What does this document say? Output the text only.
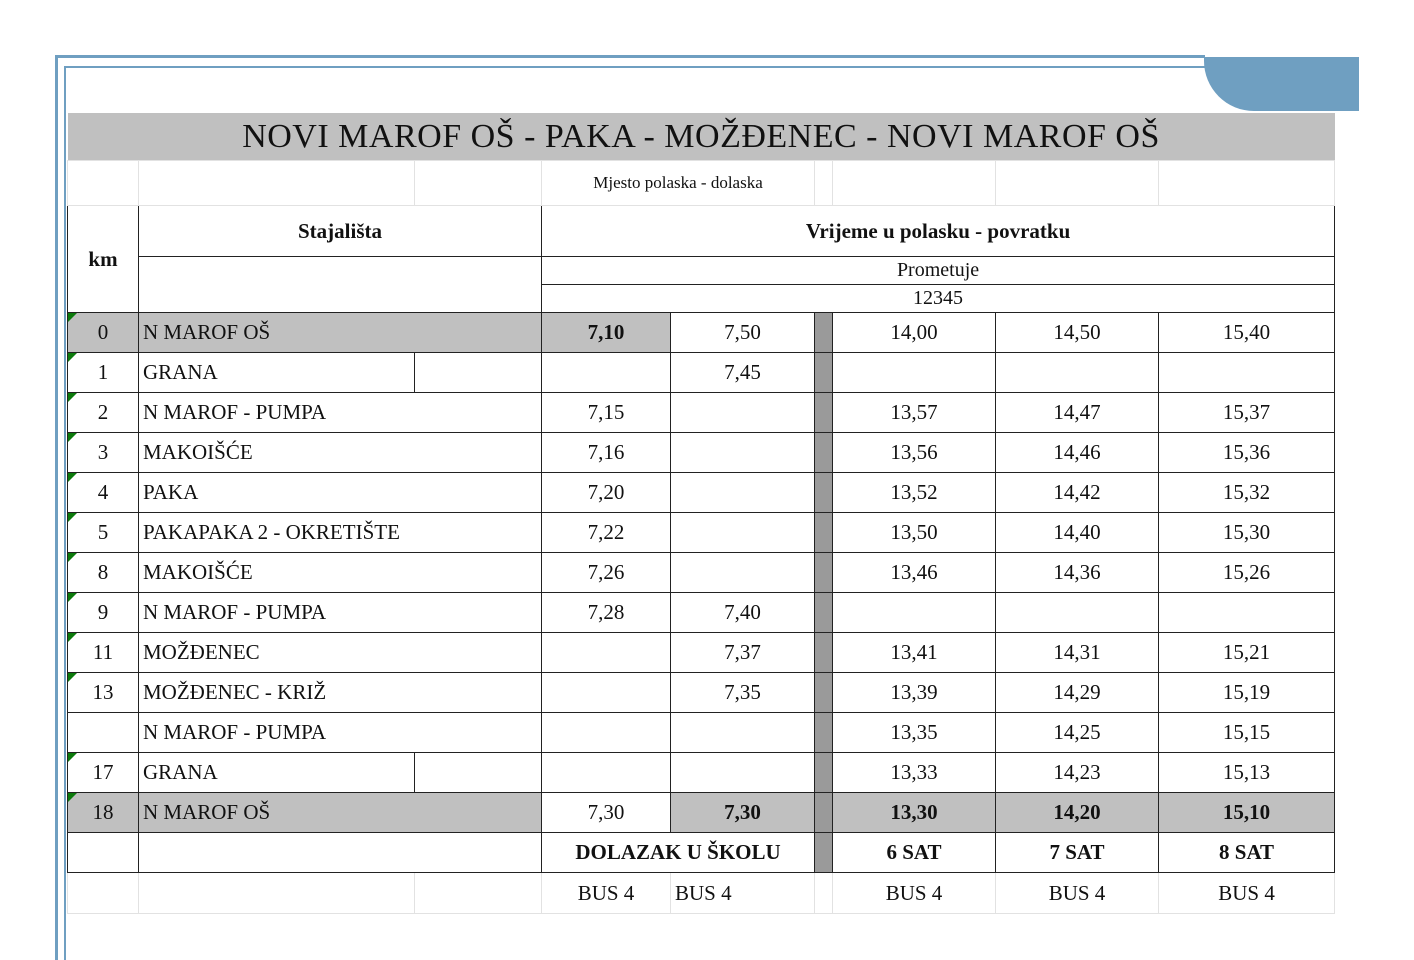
NOVI MAROF OŠ - PAKA - MOŽĐENEC - NOVI MAROF OŠ								
			Mjesto polaska - dolaska					
km	Stajališta		Vrijeme u polasku - povratku					
			Prometuje					
			12345					

0	N MAROF OŠ		7,10	7,50		14,00	14,50	15,40

1	GRANA			7,45				

2	N MAROF - PUMPA		7,15			13,57	14,47	15,37

3	MAKOIŠĆE		7,16			13,56	14,46	15,36

4	PAKA		7,20			13,52	14,42	15,32

5	PAKAPAKA 2 - OKRETIŠTE		7,22			13,50	14,40	15,30

8	MAKOIŠĆE		7,26			13,46	14,36	15,26

9	N MAROF - PUMPA		7,28	7,40				

11	MOŽĐENEC			7,37		13,41	14,31	15,21

13	MOŽĐENEC - KRIŽ			7,35		13,39	14,29	15,19
	N MAROF - PUMPA					13,35	14,25	15,15

17	GRANA					13,33	14,23	15,13

18	N MAROF OŠ		7,30	7,30		13,30	14,20	15,10
			DOLAZAK U ŠKOLU			6 SAT	7 SAT	8 SAT
			BUS 4	BUS 4		BUS 4	BUS 4	BUS 4
